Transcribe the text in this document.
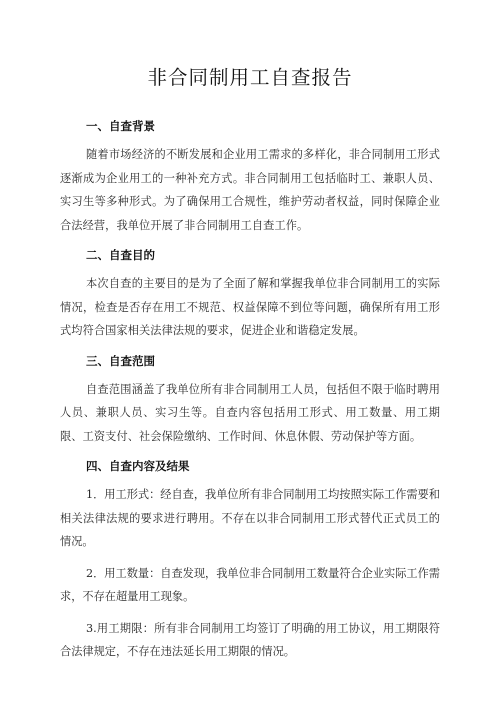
非合同制用工自查报告
一、自查背景

随着市场经济的不断发展和企业用工需求的多样化，非合同制用工形式逐渐成为企业用工的一种补充方式。非合同制用工包括临时工、兼职人员、实习生等多种形式。为了确保用工合规性，维护劳动者权益，同时保障企业合法经营，我单位开展了非合同制用工自查工作。

二、自查目的

本次自查的主要目的是为了全面了解和掌握我单位非合同制用工的实际情况，检查是否存在用工不规范、权益保障不到位等问题，确保所有用工形式均符合国家相关法律法规的要求，促进企业和谐稳定发展。

三、自查范围

自查范围涵盖了我单位所有非合同制用工人员，包括但不限于临时聘用人员、兼职人员、实习生等。自查内容包括用工形式、用工数量、用工期限、工资支付、社会保险缴纳、工作时间、休息休假、劳动保护等方面。

四、自查内容及结果

1．用工形式：经自查，我单位所有非合同制用工均按照实际工作需要和相关法律法规的要求进行聘用。不存在以非合同制用工形式替代正式员工的情况。

2．用工数量：自查发现，我单位非合同制用工数量符合企业实际工作需求，不存在超量用工现象。

3.用工期限：所有非合同制用工均签订了明确的用工协议，用工期限符合法律规定，不存在违法延长用工期限的情况。
